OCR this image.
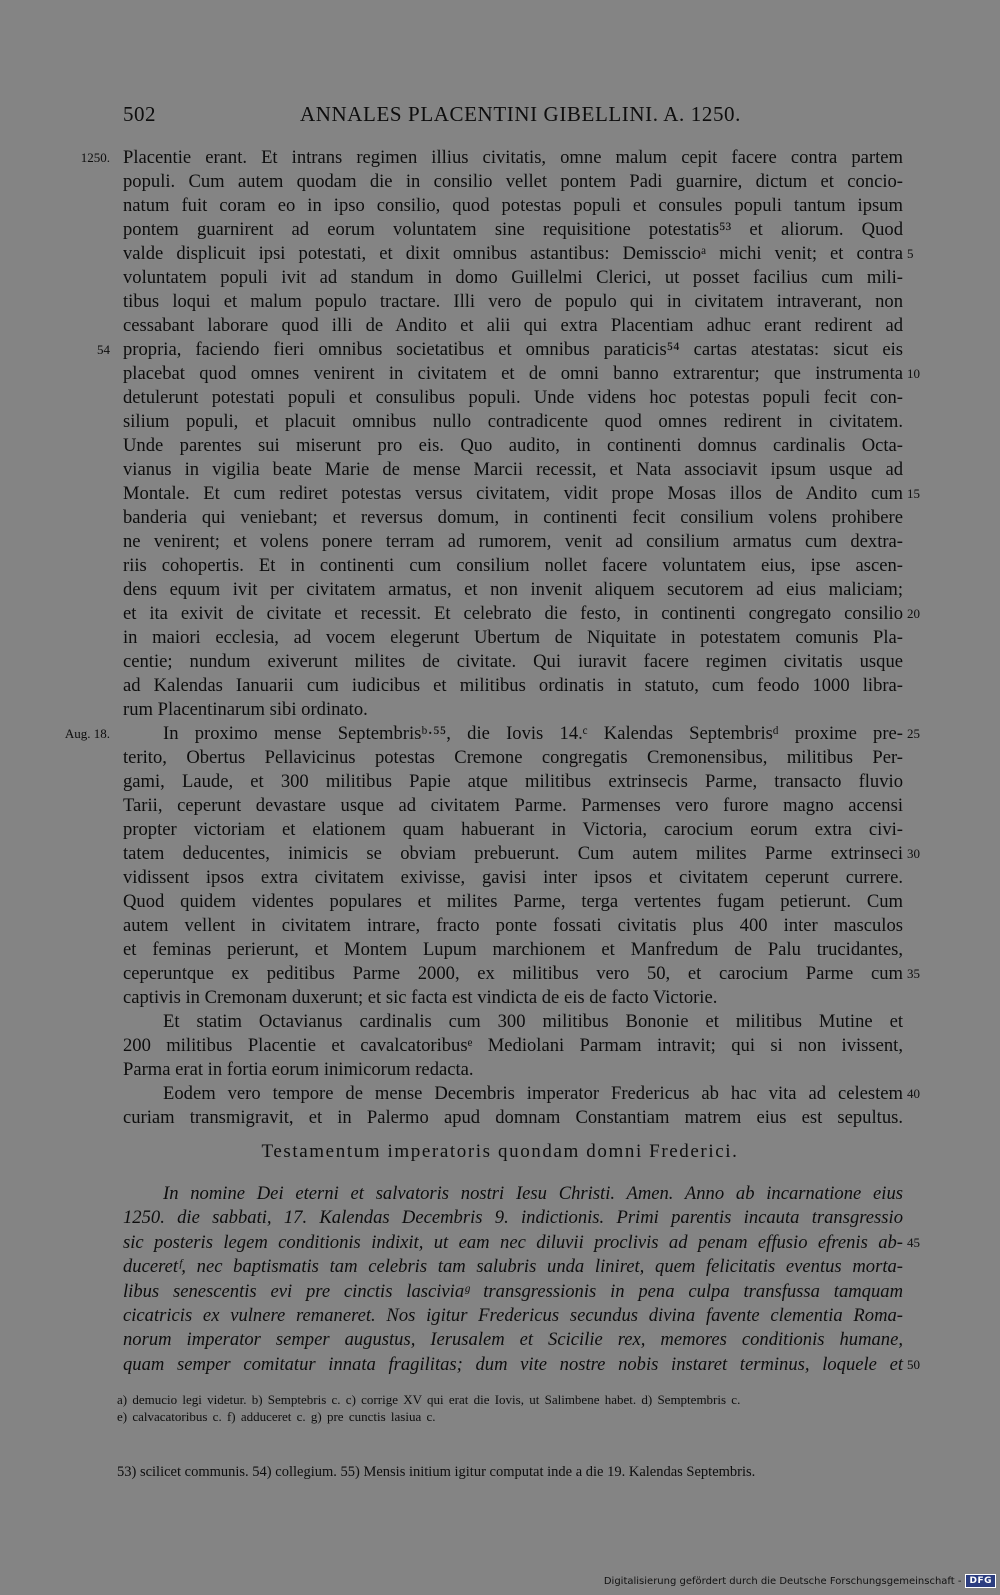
502	ANNALES PLACENTINI GIBELLINI. A. 1250.
1250. Placentie erant. Et intrans regimen illius civitatis, omne malum cepit facere contra partem
populi. Cum autem quodam die in consilio vellet pontem Padi guarnire, dictum et concio-
natum fuit coram eo in ipso consilio, quod potestas populi et consules populi tantum ipsum
pontem guarnirent ad eorum voluntatem sine requisitione potestatis⁵³ et aliorum. Quod
valde displicuit ipsi potestati, et dixit omnibus astantibus: Demisscioᵃ michi venit; et contra 5
voluntatem populi ivit ad standum in domo Guillelmi Clerici, ut posset facilius cum mili-
tibus loqui et malum populo tractare. Illi vero de populo qui in civitatem intraverant, non
cessabant laborare quod illi de Andito et alii qui extra Placentiam adhuc erant redirent ad
54 propria, faciendo fieri omnibus societatibus et omnibus paraticis⁵⁴ cartas atestatas: sicut eis
placebat quod omnes venirent in civitatem et de omni banno extrarentur; que instrumenta 10
detulerunt potestati populi et consulibus populi. Unde videns hoc potestas populi fecit con-
silium populi, et placuit omnibus nullo contradicente quod omnes redirent in civitatem.
Unde parentes sui miserunt pro eis. Quo audito, in continenti domnus cardinalis Octa-
vianus in vigilia beate Marie de mense Marcii recessit, et Nata associavit ipsum usque ad
Montale. Et cum rediret potestas versus civitatem, vidit prope Mosas illos de Andito cum 15
banderia qui veniebant; et reversus domum, in continenti fecit consilium volens prohibere
ne venirent; et volens ponere terram ad rumorem, venit ad consilium armatus cum dextra-
riis cohopertis. Et in continenti cum consilium nollet facere voluntatem eius, ipse ascen-
dens equum ivit per civitatem armatus, et non invenit aliquem secutorem ad eius maliciam;
et ita exivit de civitate et recessit. Et celebrato die festo, in continenti congregato consilio 20
in maiori ecclesia, ad vocem elegerunt Ubertum de Niquitate in potestatem comunis Pla-
centie; nundum exiverunt milites de civitate. Qui iuravit facere regimen civitatis usque
ad Kalendas Ianuarii cum iudicibus et militibus ordinatis in statuto, cum feodo 1000 libra-
rum Placentinarum sibi ordinato.
Aug. 18.	In proximo mense Septembrisᵇ·⁵⁵, die Iovis 14.ᶜ Kalendas Septembrisᵈ proxime pre- 25
terito, Obertus Pellavicinus potestas Cremone congregatis Cremonensibus, militibus Per-
gami, Laude, et 300 militibus Papie atque militibus extrinsecis Parme, transacto fluvio
Tarii, ceperunt devastare usque ad civitatem Parme. Parmenses vero furore magno accensi
propter victoriam et elationem quam habuerant in Victoria, carocium eorum extra civi-
tatem deducentes, inimicis se obviam prebuerunt. Cum autem milites Parme extrinseci 30
vidissent ipsos extra civitatem exivisse, gavisi inter ipsos et civitatem ceperunt currere.
Quod quidem videntes populares et milites Parme, terga vertentes fugam petierunt. Cum
autem vellent in civitatem intrare, fracto ponte fossati civitatis plus 400 inter masculos
et feminas perierunt, et Montem Lupum marchionem et Manfredum de Palu trucidantes,
ceperuntque ex peditibus Parme 2000, ex militibus vero 50, et carocium Parme cum 35
captivis in Cremonam duxerunt; et sic facta est vindicta de eis de facto Victorie.
Et statim Octavianus cardinalis cum 300 militibus Bononie et militibus Mutine et
200 militibus Placentie et cavalcatoribusᵉ Mediolani Parmam intravit; qui si non ivissent,
Parma erat in fortia eorum inimicorum redacta.
Eodem vero tempore de mense Decembris imperator Fredericus ab hac vita ad celestem 40
curiam transmigravit, et in Palermo apud domnam Constantiam matrem eius est sepultus.
Testamentum imperatoris quondam domni Frederici.
In nomine Dei eterni et salvatoris nostri Iesu Christi. Amen. Anno ab incarnatione eius
1250. die sabbati, 17. Kalendas Decembris 9. indictionis. Primi parentis incauta transgressio
sic posteris legem conditionis indixit, ut eam nec diluvii proclivis ad penam effusio efrenis ab- 45
duceretᶠ, nec baptismatis tam celebris tam salubris unda liniret, quem felicitatis eventus morta-
libus senescentis evi pre cinctis lasciviaᵍ transgressionis in pena culpa transfussa tamquam
cicatricis ex vulnere remaneret. Nos igitur Fredericus secundus divina favente clementia Roma-
norum imperator semper augustus, Ierusalem et Scicilie rex, memores conditionis humane,
quam semper comitatur innata fragilitas; dum vite nostre nobis instaret terminus, loquele et 50
a) demucio legi videtur. b) Semptebris c. c) corrige XV qui erat die Iovis, ut Salimbene habet. d) Semptembris c.
e) calvacatoribus c. f) adduceret c. g) pre cunctis lasiua c.
53) scilicet communis. 54) collegium. 55) Mensis initium igitur computat inde a die 19. Kalendas Septembris.
Digitalisierung gefördert durch die Deutsche Forschungsgemeinschaft - DFG
